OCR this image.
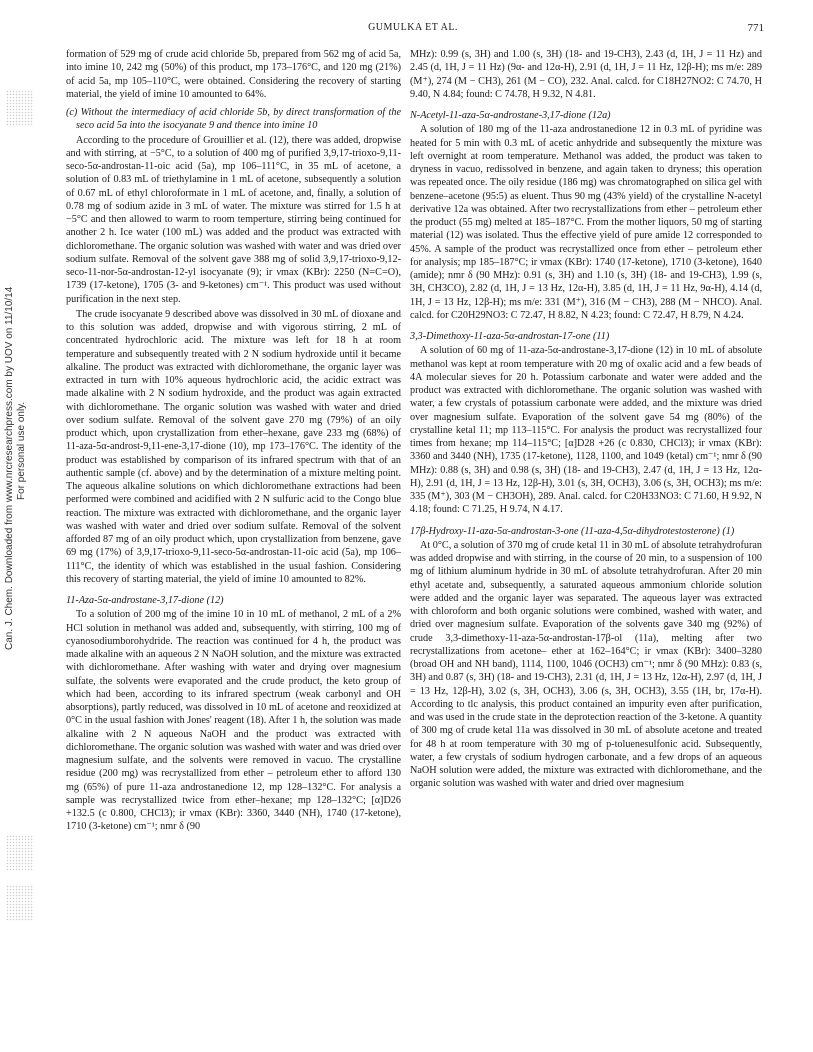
GUMULKA ET AL.	771
Can. J. Chem. Downloaded from www.nrcresearchpress.com by UOV on 11/10/14 For personal use only.

formation of 529 mg of crude acid chloride 5b, prepared from 562 mg of acid 5a, into imine 10, 242 mg (50%) of this product, mp 173–176°C, and 120 mg (21%) of acid 5a, mp 105–110°C, were obtained. Considering the recovery of starting material, the yield of imine 10 amounted to 64%.

(c) Without the intermediacy of acid chloride 5b, by direct transformation of the seco acid 5a into the isocyanate 9 and thence into imine 10

According to the procedure of Grouillier et al. (12), there was added, dropwise and with stirring, at −5°C, to a solution of 400 mg of purified 3,9,17-trioxo-9,11-seco-5α-androstan-11-oic acid (5a), mp 106–111°C, in 35 mL of acetone, a solution of 0.83 mL of triethylamine in 1 mL of acetone, subsequently a solution of 0.67 mL of ethyl chloroformate in 1 mL of acetone, and, finally, a solution of 0.78 mg of sodium azide in 3 mL of water. The mixture was stirred for 1.5 h at −5°C and then allowed to warm to room temperture, stirring being continued for another 2 h. Ice water (100 mL) was added and the product was extracted with dichloromethane. The organic solution was washed with water and was dried over sodium sulfate. Removal of the solvent gave 388 mg of solid 3,9,17-trioxo-9,12-seco-11-nor-5α-androstan-12-yl isocyanate (9); ir νmax (KBr): 2250 (N=C=O), 1739 (17-ketone), 1705 (3- and 9-ketones) cm⁻¹. This product was used without purification in the next step.

The crude isocyanate 9 described above was dissolved in 30 mL of dioxane and to this solution was added, dropwise and with vigorous stirring, 2 mL of concentrated hydrochloric acid. The mixture was left for 18 h at room temperature and subsequently treated with 2 N sodium hydroxide until it became alkaline. The product was extracted with dichloromethane, the organic layer was extracted in turn with 10% aqueous hydrochloric acid, the acidic extract was made alkaline with 2 N sodium hydroxide, and the product was again extracted with dichloromethane. The organic solution was washed with water and dried over sodium sulfate. Removal of the solvent gave 270 mg (79%) of an oily product which, upon crystallization from ether–hexane, gave 233 mg (68%) of 11-aza-5α-androst-9,11-ene-3,17-dione (10), mp 173–176°C. The identity of the product was established by comparison of its infrared spectrum with that of an authentic sample (cf. above) and by the determination of a mixture melting point. The aqueous alkaline solutions on which dichloromethane extractions had been performed were combined and acidified with 2 N sulfuric acid to the Congo blue reaction. The mixture was extracted with dichloromethane, and the organic layer was washed with water and dried over sodium sulfate. Removal of the solvent afforded 87 mg of an oily product which, upon crystallization from benzene, gave 69 mg (17%) of 3,9,17-trioxo-9,11-seco-5α-androstan-11-oic acid (5a), mp 106–111°C, the identity of which was established in the usual fashion. Considering this recovery of starting material, the yield of imine 10 amounted to 82%.

11-Aza-5α-androstane-3,17-dione (12)

To a solution of 200 mg of the imine 10 in 10 mL of methanol, 2 mL of a 2% HCl solution in methanol was added and, subsequently, with stirring, 100 mg of cyanosodiumborohydride. The reaction was continued for 4 h, the product was made alkaline with an aqueous 2 N NaOH solution, and the mixture was extracted with dichloromethane. After washing with water and drying over magnesium sulfate, the solvents were evaporated and the crude product, the keto group of which had been, according to its infrared spectrum (weak carbonyl and OH absorptions), partly reduced, was dissolved in 10 mL of acetone and reoxidized at 0°C in the usual fashion with Jones' reagent (18). After 1 h, the solution was made alkaline with 2 N aqueous NaOH and the product was extracted with dichloromethane. The organic solution was washed with water and was dried over magnesium sulfate, and the solvents were removed in vacuo. The crystalline residue (200 mg) was recrystallized from ether – petroleum ether to afford 130 mg (65%) of pure 11-aza androstanedione 12, mp 128–132°C. For analysis a sample was recrystallized twice from ether–hexane; mp 128–132°C; [α]D26 +132.5 (c 0.800, CHCl3); ir νmax (KBr): 3360, 3440 (NH), 1740 (17-ketone), 1710 (3-ketone) cm⁻¹; nmr δ (90

MHz): 0.99 (s, 3H) and 1.00 (s, 3H) (18- and 19-CH3), 2.43 (d, 1H, J = 11 Hz) and 2.45 (d, 1H, J = 11 Hz) (9α- and 12α-H), 2.91 (d, 1H, J = 11 Hz, 12β-H); ms m/e: 289 (M⁺), 274 (M − CH3), 261 (M − CO), 232. Anal. calcd. for C18H27NO2: C 74.70, H 9.40, N 4.84; found: C 74.78, H 9.32, N 4.81.

N-Acetyl-11-aza-5α-androstane-3,17-dione (12a)

A solution of 180 mg of the 11-aza androstanedione 12 in 0.3 mL of pyridine was heated for 5 min with 0.3 mL of acetic anhydride and subsequently the mixture was left overnight at room temperature. Methanol was added, the product was taken to dryness in vacuo, redissolved in benzene, and again taken to dryness; this operation was repeated once. The oily residue (186 mg) was chromatographed on silica gel with benzene–acetone (95:5) as eluent. Thus 90 mg (43% yield) of the crystalline N-acetyl derivative 12a was obtained. After two recrystallizations from ether – petroleum ether the product (55 mg) melted at 185–187°C. From the mother liquors, 50 mg of starting material (12) was isolated. Thus the effective yield of pure amide 12 corresponded to 45%. A sample of the product was recrystallized once from ether – petroleum ether for analysis; mp 185–187°C; ir νmax (KBr): 1740 (17-ketone), 1710 (3-ketone), 1640 (amide); nmr δ (90 MHz): 0.91 (s, 3H) and 1.10 (s, 3H) (18- and 19-CH3), 1.99 (s, 3H, CH3CO), 2.82 (d, 1H, J = 13 Hz, 12α-H), 3.85 (d, 1H, J = 11 Hz, 9α-H), 4.14 (d, 1H, J = 13 Hz, 12β-H); ms m/e: 331 (M⁺), 316 (M − CH3), 288 (M − NHCO). Anal. calcd. for C20H29NO3: C 72.47, H 8.82, N 4.23; found: C 72.47, H 8.79, N 4.24.

3,3-Dimethoxy-11-aza-5α-androstan-17-one (11)

A solution of 60 mg of 11-aza-5α-androstane-3,17-dione (12) in 10 mL of absolute methanol was kept at room temperature with 20 mg of oxalic acid and a few beads of 4A molecular sieves for 20 h. Potassium carbonate and water were added and the product was extracted with dichloromethane. The organic solution was washed with water, a few crystals of potassium carbonate were added, and the mixture was dried over magnesium sulfate. Evaporation of the solvent gave 54 mg (80%) of the crystalline ketal 11; mp 113–115°C. For analysis the product was recrystallized four times from hexane; mp 114–115°C; [α]D28 +26 (c 0.830, CHCl3); ir νmax (KBr): 3360 and 3440 (NH), 1735 (17-ketone), 1128, 1100, and 1049 (ketal) cm⁻¹; nmr δ (90 MHz): 0.88 (s, 3H) and 0.98 (s, 3H) (18- and 19-CH3), 2.47 (d, 1H, J = 13 Hz, 12α-H), 2.91 (d, 1H, J = 13 Hz, 12β-H), 3.01 (s, 3H, OCH3), 3.06 (s, 3H, OCH3); ms m/e: 335 (M⁺), 303 (M − CH3OH), 289. Anal. calcd. for C20H33NO3: C 71.60, H 9.92, N 4.18; found: C 71.25, H 9.74, N 4.17.

17β-Hydroxy-11-aza-5α-androstan-3-one (11-aza-4,5α-dihydrotestosterone) (1)

At 0°C, a solution of 370 mg of crude ketal 11 in 30 mL of absolute tetrahydrofuran was added dropwise and with stirring, in the course of 20 min, to a suspension of 100 mg of lithium aluminum hydride in 30 mL of absolute tetrahydrofuran. After 20 min ethyl acetate and, subsequently, a saturated aqueous ammonium chloride solution were added and the organic layer was separated. The aqueous layer was extracted with chloroform and both organic solutions were combined, washed with water, and dried over magnesium sulfate. Evaporation of the solvents gave 340 mg (92%) of crude 3,3-dimethoxy-11-aza-5α-androstan-17β-ol (11a), melting after two recrystallizations from acetone– ether at 162–164°C; ir νmax (KBr): 3400–3280 (broad OH and NH band), 1114, 1100, 1046 (OCH3) cm⁻¹; nmr δ (90 MHz): 0.83 (s, 3H) and 0.87 (s, 3H) (18- and 19-CH3), 2.31 (d, 1H, J = 13 Hz, 12α-H), 2.97 (d, 1H, J = 13 Hz, 12β-H), 3.02 (s, 3H, OCH3), 3.06 (s, 3H, OCH3), 3.55 (1H, br, 17α-H). According to tlc analysis, this product contained an impurity even after purification, and was used in the crude state in the deprotection reaction of the 3-ketone. A quantity of 300 mg of crude ketal 11a was dissolved in 30 mL of absolute acetone and treated for 48 h at room temperature with 30 mg of p-toluenesulfonic acid. Subsequently, water, a few crystals of sodium hydrogen carbonate, and a few drops of an aqueous NaOH solution were added, the mixture was extracted with dichloromethane, and the organic solution was washed with water and dried over magnesium
